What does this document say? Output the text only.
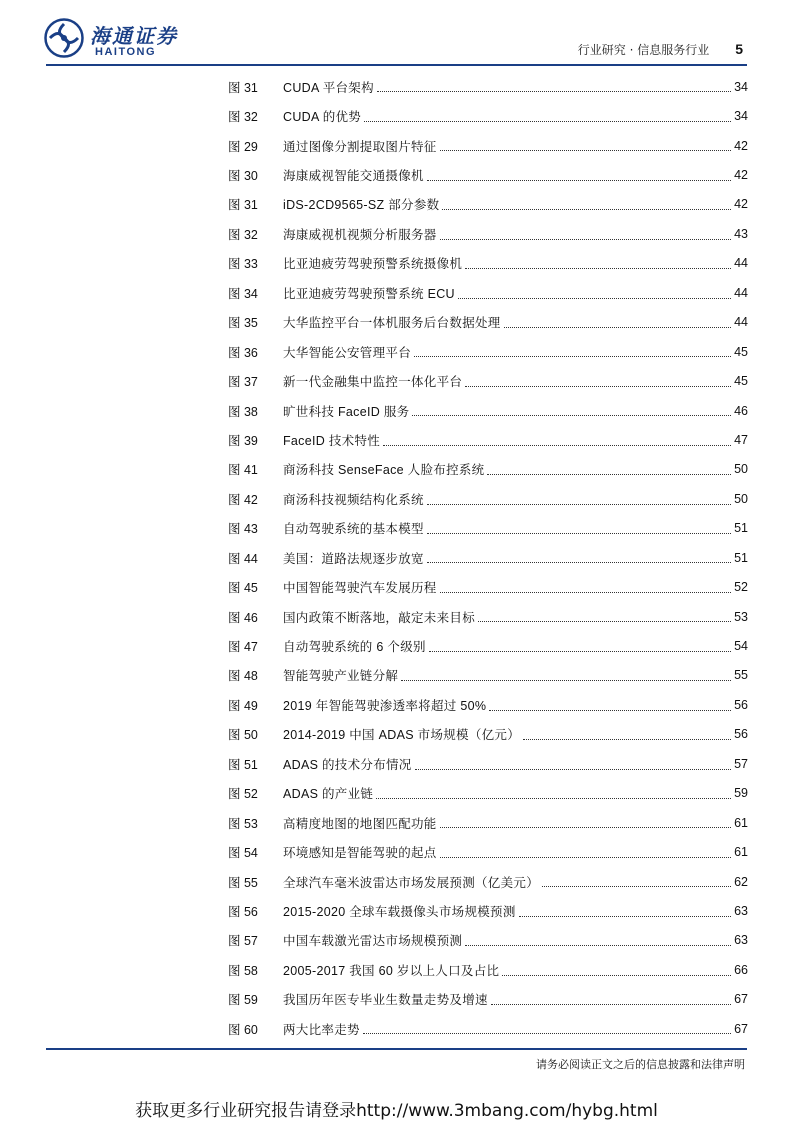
海通证券
HAITONG	行业研究 · 信息服务行业 5
图 31	CUDA 平台架构	34
图 32	CUDA 的优势	34
图 29	通过图像分割提取图片特征	42
图 30	海康威视智能交通摄像机	42
图 31	iDS-2CD9565-SZ 部分参数	42
图 32	海康威视机视频分析服务器	43
图 33	比亚迪疲劳驾驶预警系统摄像机	44
图 34	比亚迪疲劳驾驶预警系统 ECU	44
图 35	大华监控平台一体机服务后台数据处理	44
图 36	大华智能公安管理平台	45
图 37	新一代金融集中监控一体化平台	45
图 38	旷世科技 FaceID 服务	46
图 39	FaceID 技术特性	47
图 41	商汤科技 SenseFace 人脸布控系统	50
图 42	商汤科技视频结构化系统	50
图 43	自动驾驶系统的基本模型	51
图 44	美国：道路法规逐步放宽	51
图 45	中国智能驾驶汽车发展历程	52
图 46	国内政策不断落地，敲定未来目标	53
图 47	自动驾驶系统的 6 个级别	54
图 48	智能驾驶产业链分解	55
图 49	2019 年智能驾驶渗透率将超过 50%	56
图 50	2014-2019 中国 ADAS 市场规模（亿元）	56
图 51	ADAS 的技术分布情况	57
图 52	ADAS 的产业链	59
图 53	高精度地图的地图匹配功能	61
图 54	环境感知是智能驾驶的起点	61
图 55	全球汽车毫米波雷达市场发展预测（亿美元）	62
图 56	2015-2020 全球车载摄像头市场规模预测	63
图 57	中国车载激光雷达市场规模预测	63
图 58	2005-2017 我国 60 岁以上人口及占比	66
图 59	我国历年医专毕业生数量走势及增速	67
图 60	两大比率走势	67
请务必阅读正文之后的信息披露和法律声明
获取更多行业研究报告请登录http://www.3mbang.com/hybg.html
